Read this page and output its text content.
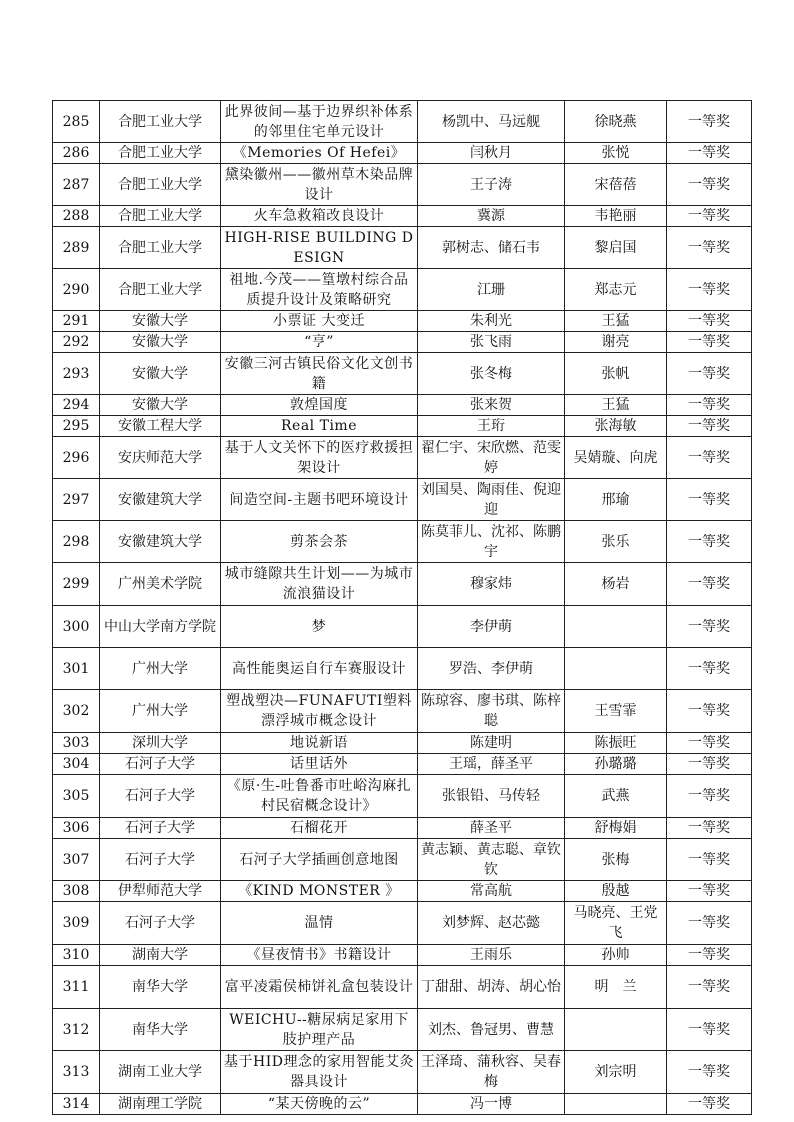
285	合肥工业大学	此界彼间—基于边界织补体系的邻里住宅单元设计	杨凯中、马远舰	徐晓燕	一等奖
286	合肥工业大学	《Memories Of Hefei》	闫秋月	张悦	一等奖
287	合肥工业大学	黛染徽州——徽州草木染品牌设计	王子涛	宋蓓蓓	一等奖
288	合肥工业大学	火车急救箱改良设计	冀源	韦艳丽	一等奖
289	合肥工业大学	HIGH-RISE BUILDING DESIGN	郭树志、储石韦	黎启国	一等奖
290	合肥工业大学	祖地.今茂——篁墩村综合品质提升设计及策略研究	江珊	郑志元	一等奖
291	安徽大学	小票证 大变迁	朱利光	王猛	一等奖
292	安徽大学	“亨”	张飞雨	谢亮	一等奖
293	安徽大学	安徽三河古镇民俗文化文创书籍	张冬梅	张帆	一等奖
294	安徽大学	敦煌国度	张来贺	王猛	一等奖
295	安徽工程大学	Real Time	王珩	张海敏	一等奖
296	安庆师范大学	基于人文关怀下的医疗救援担架设计	翟仁宇、宋欣燃、范雯婷	吴婧璇、向虎	一等奖
297	安徽建筑大学	间造空间-主题书吧环境设计	刘国昊、陶雨佳、倪迎迎	邢瑜	一等奖
298	安徽建筑大学	剪茶会茶	陈莫菲儿、沈祁、陈鹏宇	张乐	一等奖
299	广州美术学院	城市缝隙共生计划——为城市流浪猫设计	穆家炜	杨岩	一等奖
300	中山大学南方学院	梦	李伊萌		一等奖
301	广州大学	高性能奥运自行车赛服设计	罗浩、李伊萌		一等奖
302	广州大学	塑战塑决—FUNAFUTI塑料漂浮城市概念设计	陈琼容、廖书琪、陈梓聪	王雪霏	一等奖
303	深圳大学	地说新语	陈建明	陈振旺	一等奖
304	石河子大学	话里话外	王瑶，薛圣平	孙璐璐	一等奖
305	石河子大学	《原·生-吐鲁番市吐峪沟麻扎村民宿概念设计》	张银铅、马传轻	武燕	一等奖
306	石河子大学	石榴花开	薛圣平	舒梅娟	一等奖
307	石河子大学	石河子大学插画创意地图	黄志颖、黄志聪、章钦钦	张梅	一等奖
308	伊犁师范大学	《KIND MONSTER 》	常高航	殷越	一等奖
309	石河子大学	温情	刘梦辉、赵芯懿	马晓亮、王党飞	一等奖
310	湖南大学	《昼夜情书》书籍设计	王雨乐	孙帅	一等奖
311	南华大学	富平凌霜侯柿饼礼盒包装设计	丁甜甜、胡涛、胡心怡	明　兰	一等奖
312	南华大学	WEICHU--糖尿病足家用下肢护理产品	刘杰、鲁冠男、曹慧		一等奖
313	湖南工业大学	基于HID理念的家用智能艾灸器具设计	王泽琦、蒲秋容、吴春梅	刘宗明	一等奖
314	湖南理工学院	“某天傍晚的云”	冯一博		一等奖
